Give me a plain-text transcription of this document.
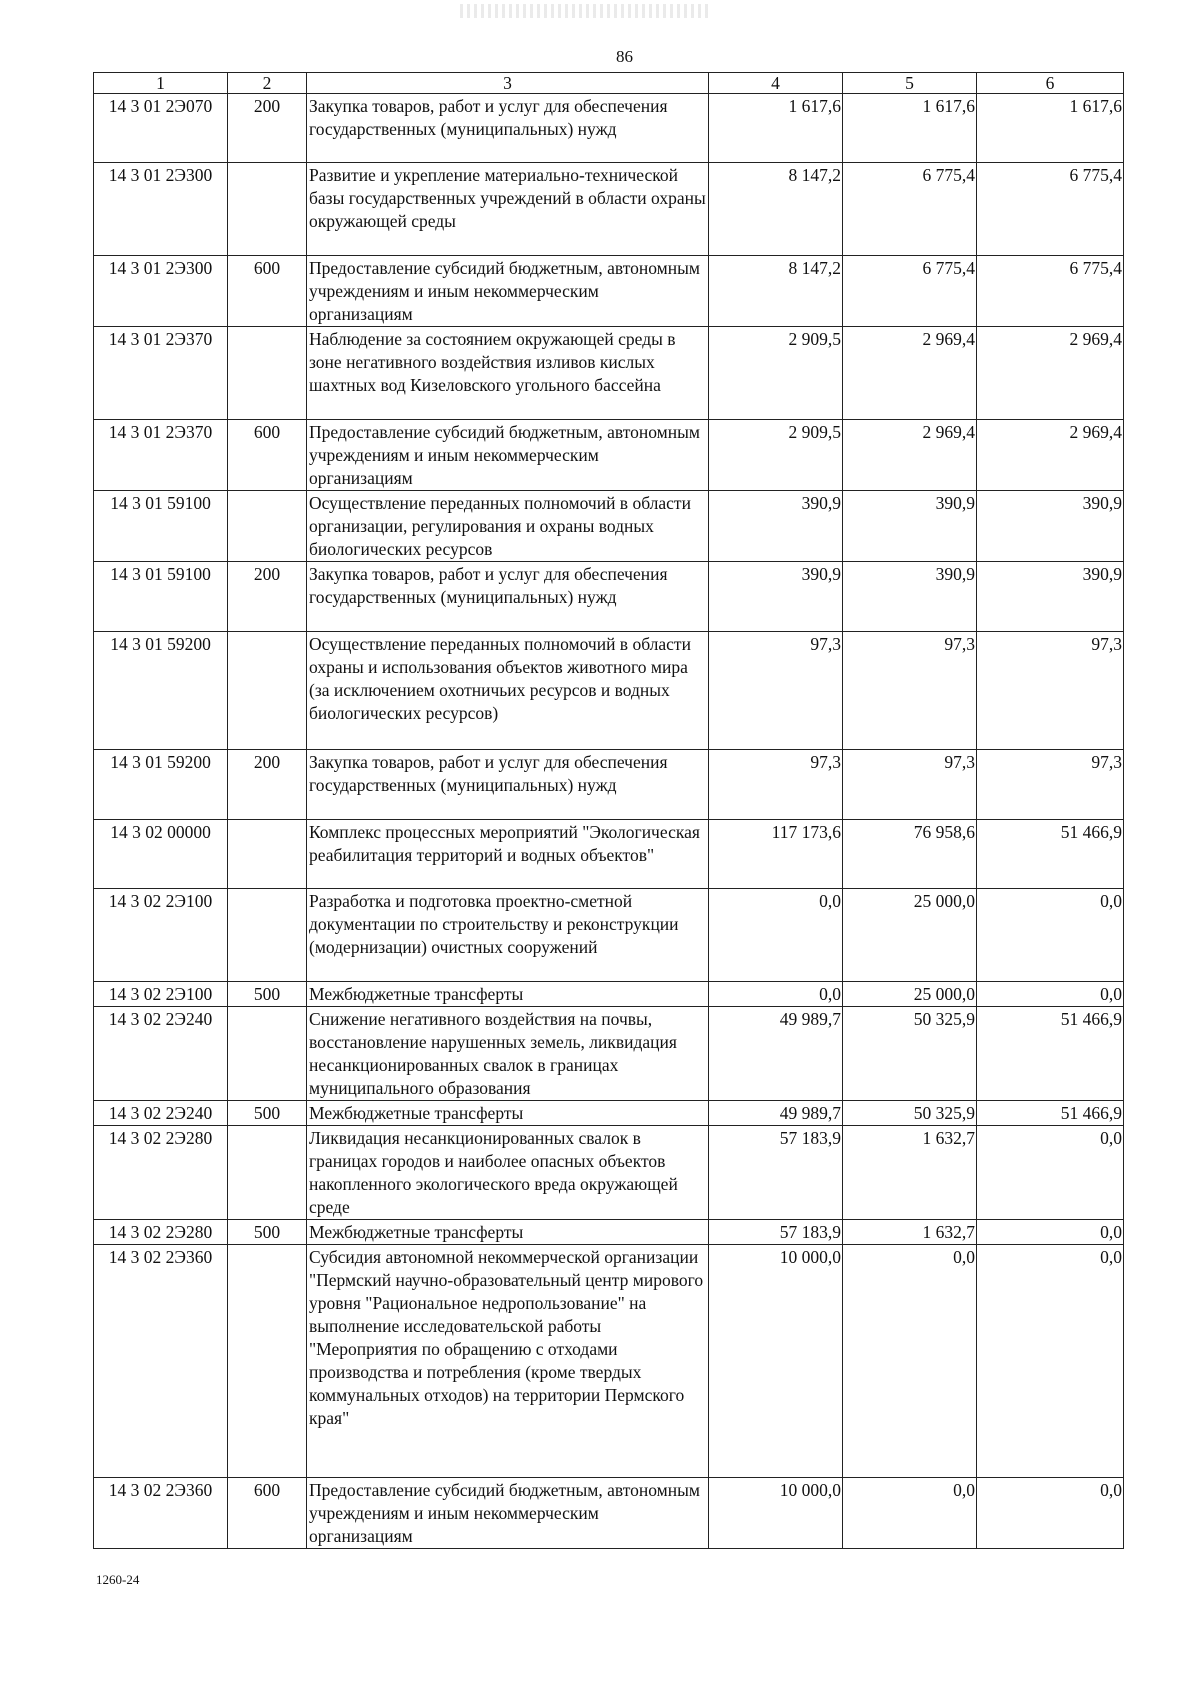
86
1	2	3	4	5	6
14 3 01 2Э070	200	Закупка товаров, работ и услуг для обеспечения государственных (муниципальных) нужд	1 617,6	1 617,6	1 617,6
14 3 01 2Э300		Развитие и укрепление материально-технической базы государственных учреждений в области охраны окружающей среды	8 147,2	6 775,4	6 775,4
14 3 01 2Э300	600	Предоставление субсидий бюджетным, автономным учреждениям и иным некоммерческим организациям	8 147,2	6 775,4	6 775,4
14 3 01 2Э370		Наблюдение за состоянием окружающей среды в зоне негативного воздействия изливов кислых шахтных вод Кизеловского угольного бассейна	2 909,5	2 969,4	2 969,4
14 3 01 2Э370	600	Предоставление субсидий бюджетным, автономным учреждениям и иным некоммерческим организациям	2 909,5	2 969,4	2 969,4
14 3 01 59100		Осуществление переданных полномочий в области организации, регулирования и охраны водных биологических ресурсов	390,9	390,9	390,9
14 3 01 59100	200	Закупка товаров, работ и услуг для обеспечения государственных (муниципальных) нужд	390,9	390,9	390,9
14 3 01 59200		Осуществление переданных полномочий в области охраны и использования объектов животного мира (за исключением охотничьих ресурсов и водных биологических ресурсов)	97,3	97,3	97,3
14 3 01 59200	200	Закупка товаров, работ и услуг для обеспечения государственных (муниципальных) нужд	97,3	97,3	97,3
14 3 02 00000		Комплекс процессных мероприятий "Экологическая реабилитация территорий и водных объектов"	117 173,6	76 958,6	51 466,9
14 3 02 2Э100		Разработка и подготовка проектно-сметной документации по строительству и реконструкции (модернизации) очистных сооружений	0,0	25 000,0	0,0
14 3 02 2Э100	500	Межбюджетные трансферты	0,0	25 000,0	0,0
14 3 02 2Э240		Снижение негативного воздействия на почвы, восстановление нарушенных земель, ликвидация несанкционированных свалок в границах муниципального образования	49 989,7	50 325,9	51 466,9
14 3 02 2Э240	500	Межбюджетные трансферты	49 989,7	50 325,9	51 466,9
14 3 02 2Э280		Ликвидация несанкционированных свалок в границах городов и наиболее опасных объектов накопленного экологического вреда окружающей среде	57 183,9	1 632,7	0,0
14 3 02 2Э280	500	Межбюджетные трансферты	57 183,9	1 632,7	0,0
14 3 02 2Э360		Субсидия автономной некоммерческой организации "Пермский научно-образовательный центр мирового уровня "Рациональное недропользование" на выполнение исследовательской работы "Мероприятия по обращению с отходами производства и потребления (кроме твердых коммунальных отходов) на территории Пермского края"	10 000,0	0,0	0,0
14 3 02 2Э360	600	Предоставление субсидий бюджетным, автономным учреждениям и иным некоммерческим организациям	10 000,0	0,0	0,0
1260-24
